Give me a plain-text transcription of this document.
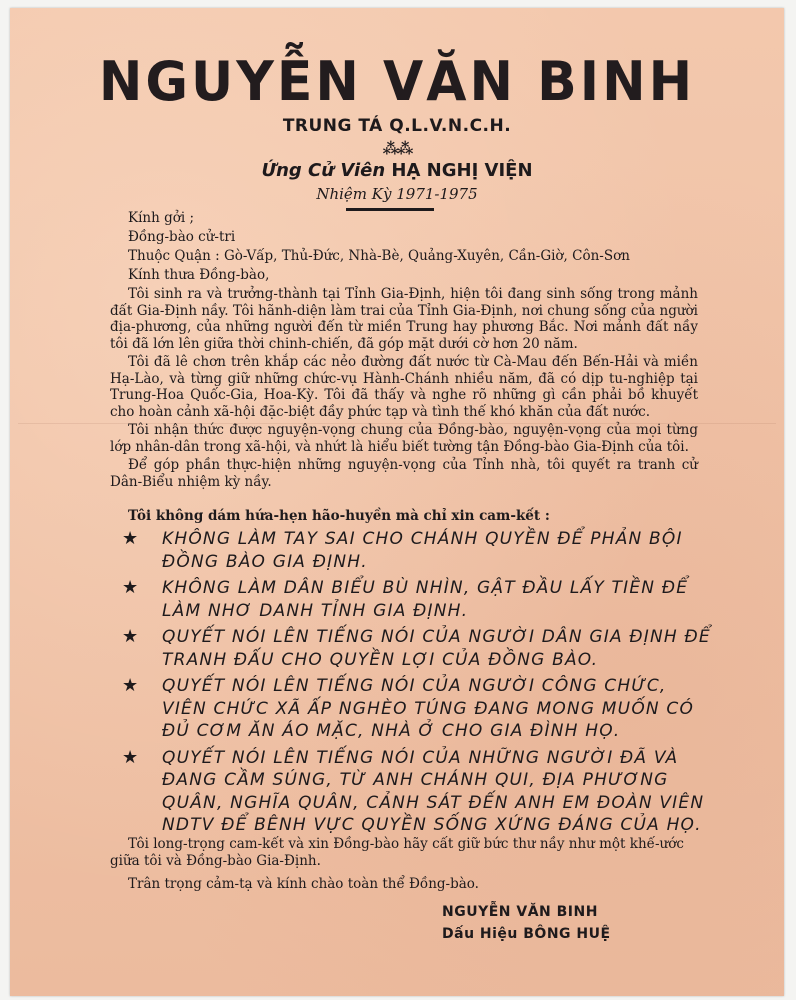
NGUYỄN VĂN BINH
TRUNG TÁ Q.L.V.N.C.H.
⁂⁂
Ứng Cử Viên HẠ NGHỊ VIỆN
Nhiệm Kỳ 1971-1975
Kính gởi ;
Đồng-bào cử-tri
Thuộc Quận : Gò-Vấp, Thủ-Đức, Nhà-Bè, Quảng-Xuyên, Cần-Giờ, Côn-Sơn
Kính thưa Đồng-bào,

Tôi sinh ra và trưởng-thành tại Tỉnh Gia-Định, hiện tôi đang sinh sống trong mảnh đất Gia-Định nầy. Tôi hãnh-diện làm trai của Tỉnh Gia-Định, nơi chung sống của người địa-phương, của những người đến từ miền Trung hay phương Bắc. Nơi mảnh đất nầy tôi đã lớn lên giữa thời chinh-chiến, đã góp mặt dưới cờ hơn 20 năm.

Tôi đã lê chơn trên khắp các nẻo đường đất nước từ Cà-Mau đến Bến-Hải và miền Hạ-Lào, và từng giữ những chức-vụ Hành-Chánh nhiều năm, đã có dịp tu-nghiệp tại Trung-Hoa Quốc-Gia, Hoa-Kỳ. Tôi đã thấy và nghe rõ những gì cần phải bồ khuyết cho hoàn cảnh xã-hội đặc-biệt đầy phức tạp và tình thế khó khăn của đất nước.

Tôi nhận thức được nguyện-vọng chung của Đồng-bào, nguyện-vọng của mọi từng lớp nhân-dân trong xã-hội, và nhứt là hiểu biết tường tận Đồng-bào Gia-Định của tôi.

Để góp phần thực-hiện những nguyện-vọng của Tỉnh nhà, tôi quyết ra tranh cử Dân-Biểu nhiệm kỳ nầy.

Tôi không dám hứa-hẹn hão-huyền mà chỉ xin cam-kết :
★ KHÔNG LÀM TAY SAI CHO CHÁNH QUYỀN ĐỂ PHẢN BỘI ĐỒNG BÀO GIA ĐỊNH.
★ KHÔNG LÀM DÂN BIỂU BÙ NHÌN, GẬT ĐẦU LẤY TIỀN ĐỂ LÀM NHƠ DANH TỈNH GIA ĐỊNH.
★ QUYẾT NÓI LÊN TIẾNG NÓI CỦA NGƯỜI DÂN GIA ĐỊNH ĐỂ TRANH ĐẤU CHO QUYỀN LỢI CỦA ĐỒNG BÀO.
★ QUYẾT NÓI LÊN TIẾNG NÓI CỦA NGƯỜI CÔNG CHỨC, VIÊN CHỨC XÃ ẤP NGHÈO TÚNG ĐANG MONG MUỐN CÓ ĐỦ CƠM ĂN ÁO MẶC, NHÀ Ở CHO GIA ĐÌNH HỌ.
★ QUYẾT NÓI LÊN TIẾNG NÓI CỦA NHỮNG NGƯỜI ĐÃ VÀ ĐANG CẦM SÚNG, TỪ ANH CHÁNH QUI, ĐỊA PHƯƠNG QUÂN, NGHĨA QUÂN, CẢNH SÁT ĐẾN ANH EM ĐOÀN VIÊN NDTV ĐỂ BÊNH VỰC QUYỀN SỐNG XỨNG ĐÁNG CỦA HỌ.

Tôi long-trọng cam-kết và xin Đồng-bào hãy cất giữ bức thư nầy như một khế-ước giữa tôi và Đồng-bào Gia-Định.

Trân trọng cảm-tạ và kính chào toàn thể Đồng-bào.

NGUYỄN VĂN BINH
Dấu Hiệu BÔNG HUỆ
